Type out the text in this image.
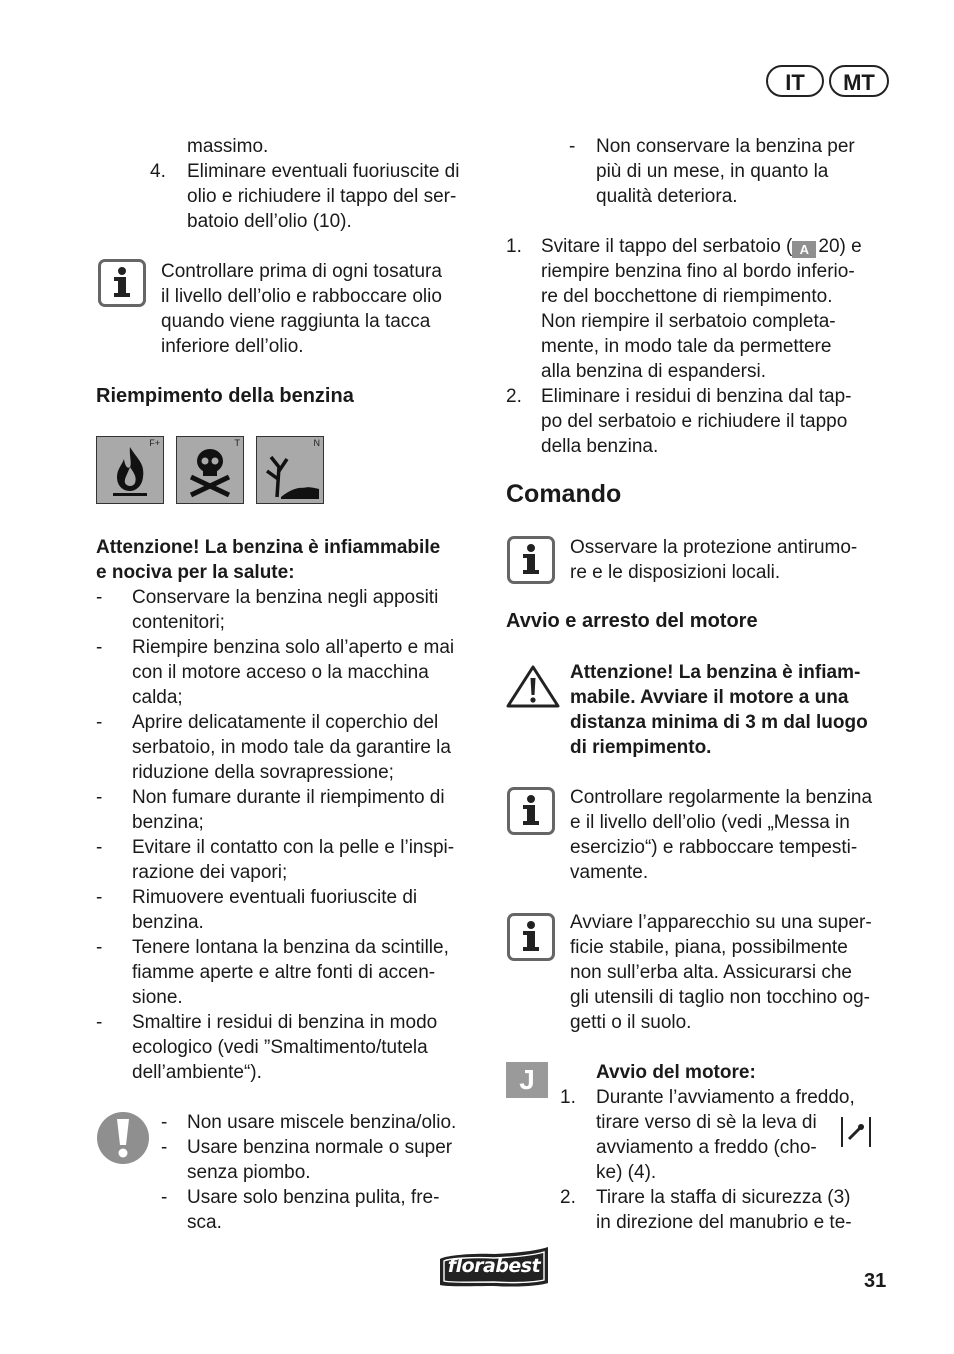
IT	MT
massimo.
4. Eliminare eventuali fuoriuscite di
olio e richiudere il tappo del ser-
batoio dell’olio (10).
Controllare prima di ogni tosatura
il livello dell’olio e rabboccare olio
quando viene raggiunta la tacca
inferiore dell’olio.
Riempimento della benzina
F+	T	N
Attenzione! La benzina è infiammabile
e nociva per la salute:
- Conservare la benzina negli appositi
contenitori;
- Riempire benzina solo all’aperto e mai
con il motore acceso o la macchina
calda;
- Aprire delicatamente il coperchio del
serbatoio, in modo tale da garantire la
riduzione della sovrapressione;
- Non fumare durante il riempimento di
benzina;
- Evitare il contatto con la pelle e l’inspi-
razione dei vapori;
- Rimuovere eventuali fuoriuscite di
benzina.
- Tenere lontana la benzina da scintille,
fiamme aperte e altre fonti di accen-
sione.
- Smaltire i residui di benzina in modo
ecologico (vedi ”Smaltimento/tutela
dell’ambiente“).
- Non usare miscele benzina/olio.
- Usare benzina normale o super
senza piombo.
- Usare solo benzina pulita, fre-
sca.
- Non conservare la benzina per
più di un mese, in quanto la
qualità deteriora.
1. Svitare il tappo del serbatoio ( A 20) e
riempire benzina fino al bordo inferio-
re del bocchettone di riempimento.
Non riempire il serbatoio completa-
mente, in modo tale da permettere
alla benzina di espandersi.
2. Eliminare i residui di benzina dal tap-
po del serbatoio e richiudere il tappo
della benzina.
Comando
Osservare la protezione antirumo-
re e le disposizioni locali.
Avvio e arresto del motore
Attenzione! La benzina è infiam-
mabile. Avviare il motore a una
distanza minima di 3 m dal luogo
di riempimento.
Controllare regolarmente la benzina
e il livello dell’olio (vedi „Messa in
esercizio“) e rabboccare tempesti-
vamente.
Avviare l’apparecchio su una super-
ficie stabile, piana, possibilmente
non sull’erba alta. Assicurarsi che
gli utensili di taglio non tocchino og-
getti o il suolo.
J	Avvio del motore:
1. Durante l’avviamento a freddo,
tirare verso di sè la leva di
avviamento a freddo (cho-
ke) (4).
2. Tirare la staffa di sicurezza (3)
in direzione del manubrio e te-
florabest
31
